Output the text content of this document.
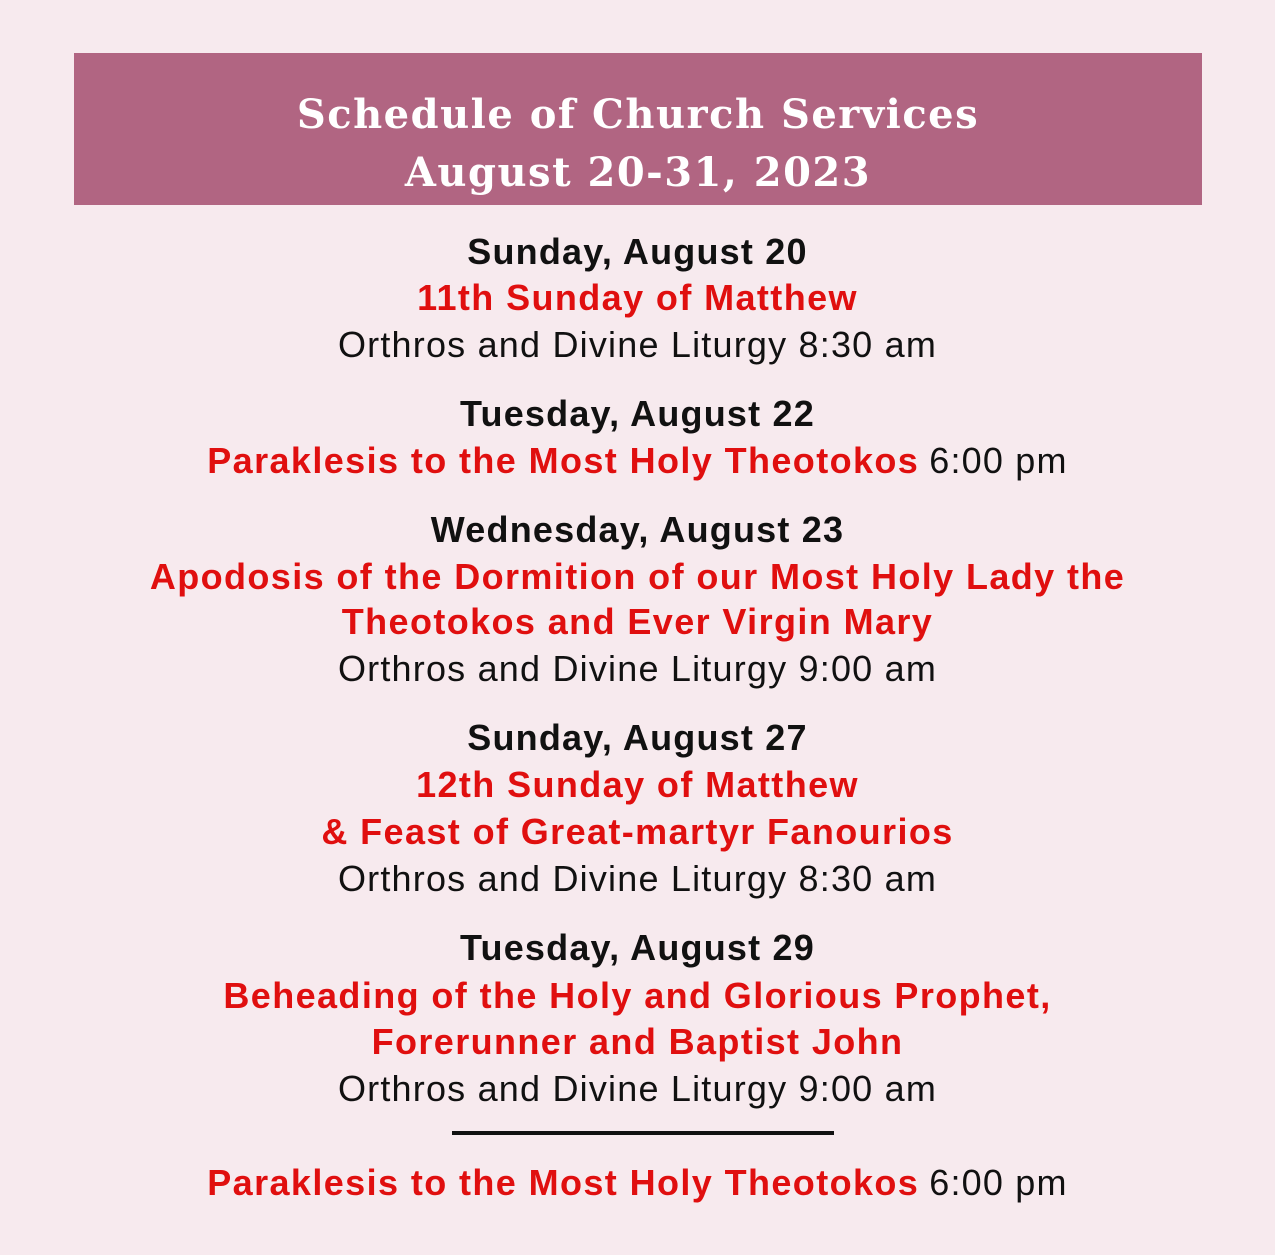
Schedule of Church Services
August 20-31, 2023
Sunday, August 20
11th Sunday of Matthew
Orthros and Divine Liturgy 8:30 am
Tuesday, August 22
Paraklesis to the Most Holy Theotokos 6:00 pm
Wednesday, August 23
Apodosis of the Dormition of our Most Holy Lady the
Theotokos and Ever Virgin Mary
Orthros and Divine Liturgy 9:00 am
Sunday, August 27
12th Sunday of Matthew
& Feast of Great-martyr Fanourios
Orthros and Divine Liturgy 8:30 am
Tuesday, August 29
Beheading of the Holy and Glorious Prophet,
Forerunner and Baptist John
Orthros and Divine Liturgy 9:00 am
Paraklesis to the Most Holy Theotokos 6:00 pm
